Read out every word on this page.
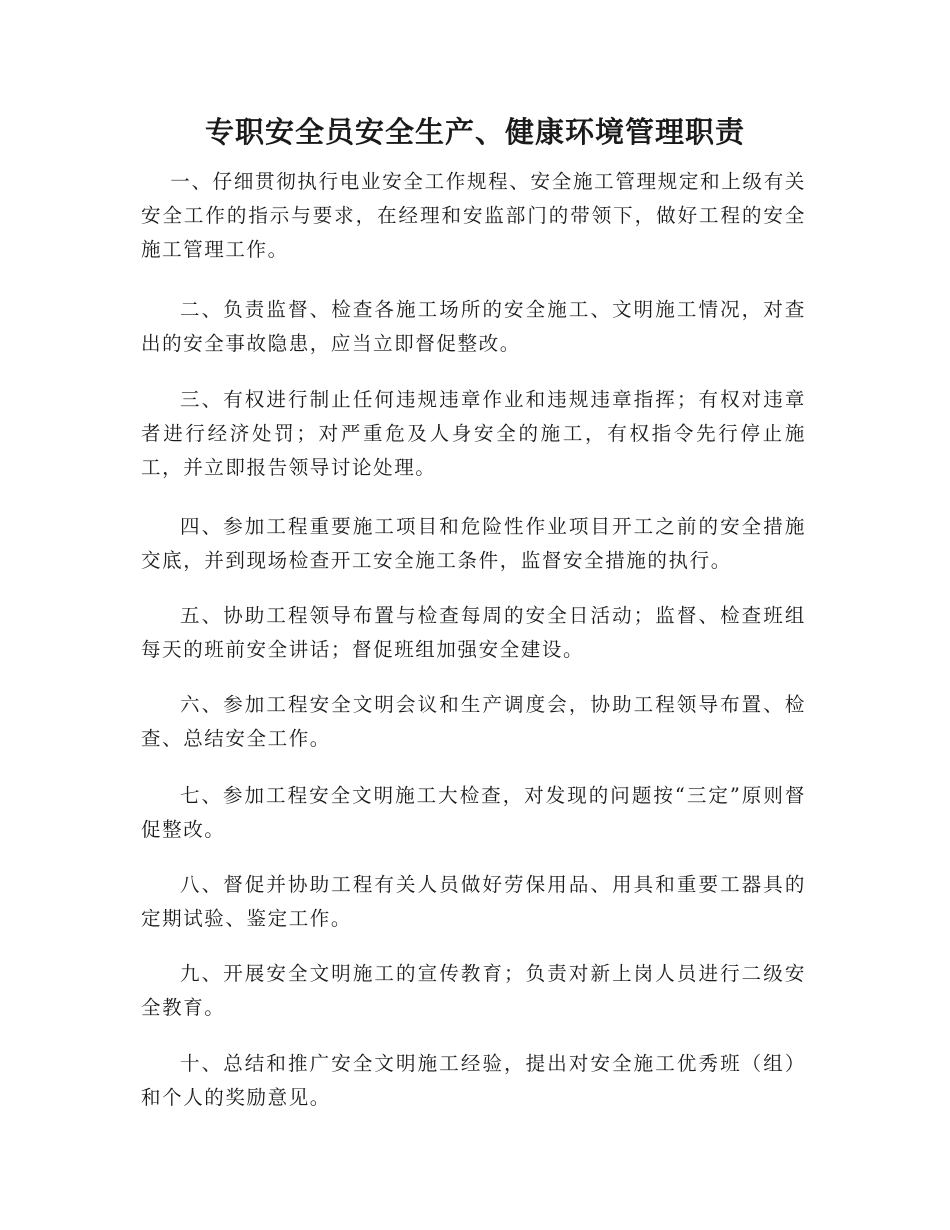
专职安全员安全生产、健康环境管理职责

一、仔细贯彻执行电业安全工作规程、安全施工管理规定和上级有关安全工作的指示与要求，在经理和安监部门的带领下，做好工程的安全施工管理工作。

二、负责监督、检查各施工场所的安全施工、文明施工情况，对查出的安全事故隐患，应当立即督促整改。

三、有权进行制止任何违规违章作业和违规违章指挥；有权对违章者进行经济处罚；对严重危及人身安全的施工，有权指令先行停止施工，并立即报告领导讨论处理。

四、参加工程重要施工项目和危险性作业项目开工之前的安全措施交底，并到现场检查开工安全施工条件，监督安全措施的执行。

五、协助工程领导布置与检查每周的安全日活动；监督、检查班组每天的班前安全讲话；督促班组加强安全建设。

六、参加工程安全文明会议和生产调度会，协助工程领导布置、检查、总结安全工作。

七、参加工程安全文明施工大检查，对发现的问题按“三定”原则督促整改。

八、督促并协助工程有关人员做好劳保用品、用具和重要工器具的定期试验、鉴定工作。

九、开展安全文明施工的宣传教育；负责对新上岗人员进行二级安全教育。

十、总结和推广安全文明施工经验，提出对安全施工优秀班（组）和个人的奖励意见。
